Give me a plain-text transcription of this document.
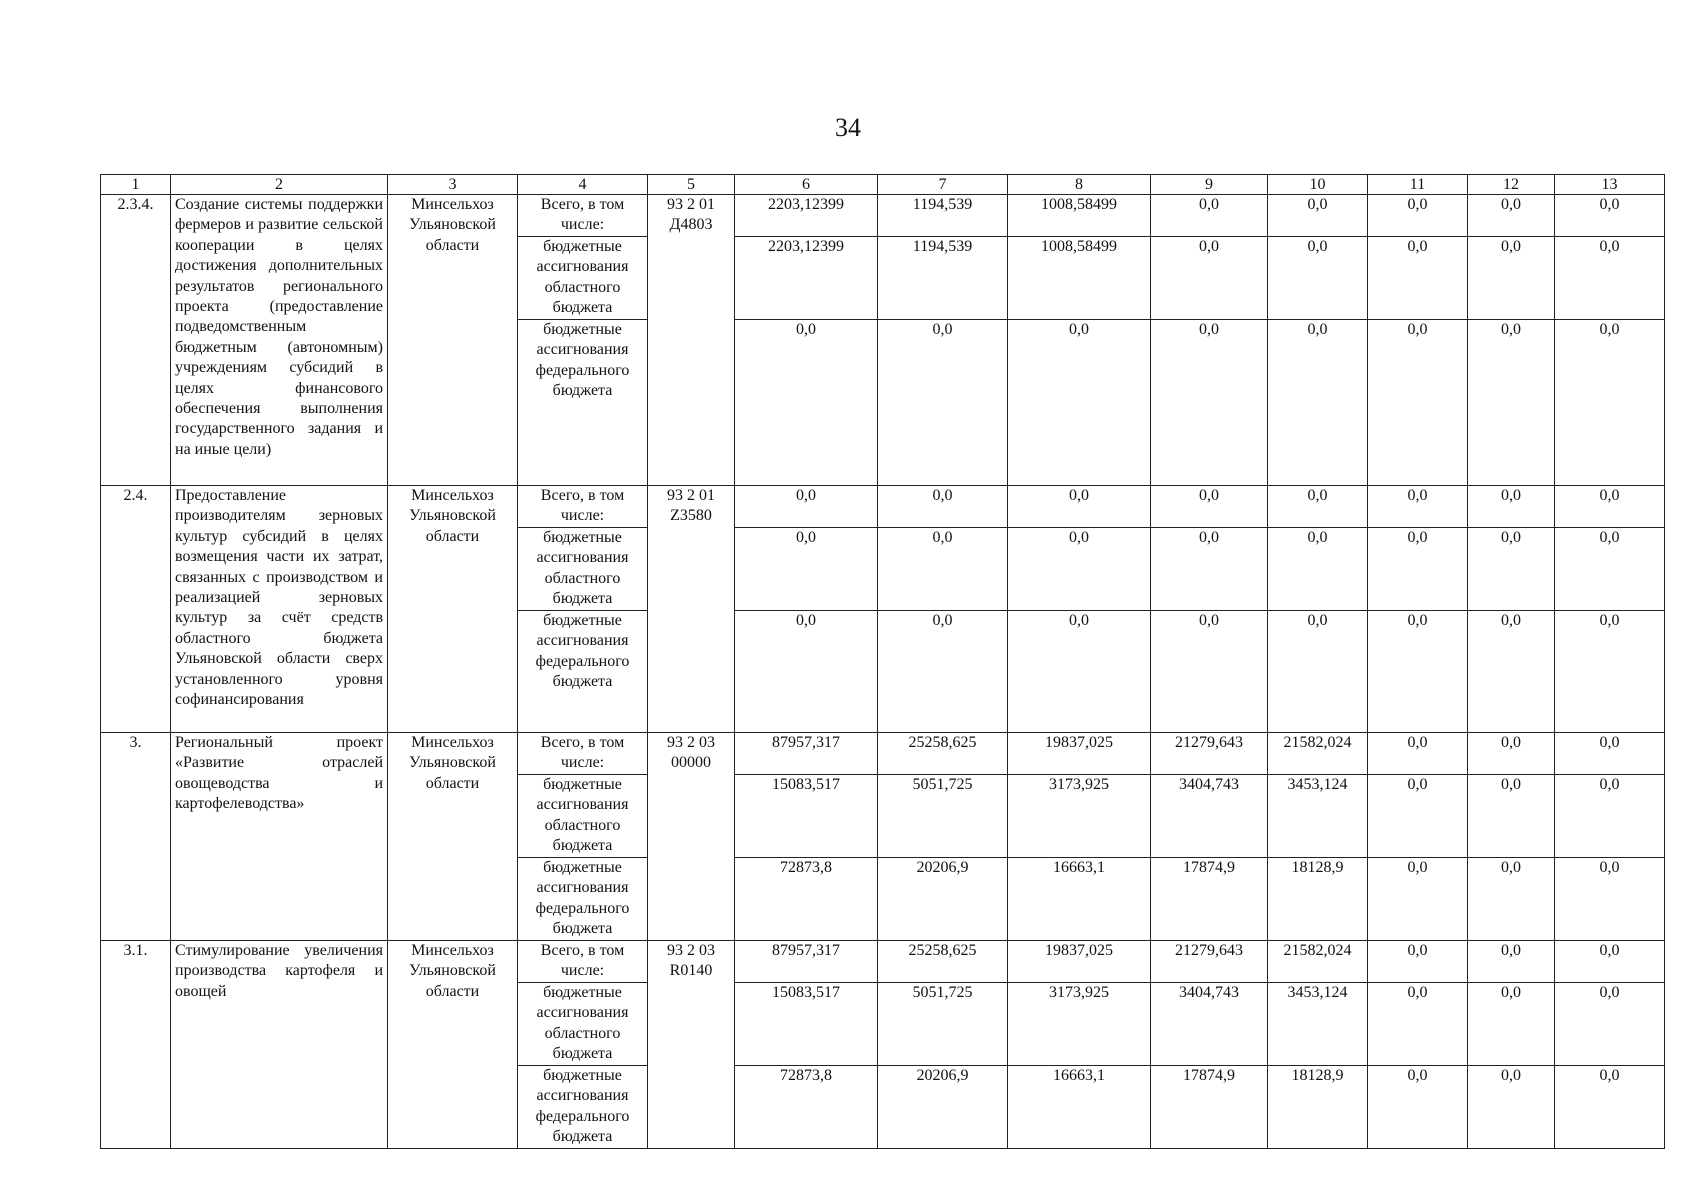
34
1	2	3	4	5	6	7	8	9	10	11	12	13
2.3.4.	Создание системы поддержки фермеров и развитие сельской кооперации в целях достижения дополнительных результатов регионального проекта (предоставление подведомственным бюджетным (автономным) учреждениям субсидий в целях финансового обеспечения выполнения государственного задания и на иные цели)	Минсельхоз Ульяновской области	Всего, в том числе:	93 2 01 Д4803	2203,12399	1194,539	1008,58499	0,0	0,0	0,0	0,0	0,0
			бюджетные ассигнования областного бюджета		2203,12399	1194,539	1008,58499	0,0	0,0	0,0	0,0	0,0
			бюджетные ассигнования федерального бюджета		0,0	0,0	0,0	0,0	0,0	0,0	0,0	0,0
2.4.	Предоставление производителям зерновых культур субсидий в целях возмещения части их затрат, связанных с производством и реализацией зерновых культур за счёт средств областного бюджета Ульяновской области сверх установленного уровня софинансирования	Минсельхоз Ульяновской области	Всего, в том числе:	93 2 01 Z3580	0,0	0,0	0,0	0,0	0,0	0,0	0,0	0,0
			бюджетные ассигнования областного бюджета		0,0	0,0	0,0	0,0	0,0	0,0	0,0	0,0
			бюджетные ассигнования федерального бюджета		0,0	0,0	0,0	0,0	0,0	0,0	0,0	0,0
3.	Региональный проект «Развитие отраслей овощеводства и картофелеводства»	Минсельхоз Ульяновской области	Всего, в том числе:	93 2 03 00000	87957,317	25258,625	19837,025	21279,643	21582,024	0,0	0,0	0,0
			бюджетные ассигнования областного бюджета		15083,517	5051,725	3173,925	3404,743	3453,124	0,0	0,0	0,0
			бюджетные ассигнования федерального бюджета		72873,8	20206,9	16663,1	17874,9	18128,9	0,0	0,0	0,0
3.1.	Стимулирование увеличения производства картофеля и овощей	Минсельхоз Ульяновской области	Всего, в том числе:	93 2 03 R0140	87957,317	25258,625	19837,025	21279,643	21582,024	0,0	0,0	0,0
			бюджетные ассигнования областного бюджета		15083,517	5051,725	3173,925	3404,743	3453,124	0,0	0,0	0,0
			бюджетные ассигнования федерального бюджета		72873,8	20206,9	16663,1	17874,9	18128,9	0,0	0,0	0,0
